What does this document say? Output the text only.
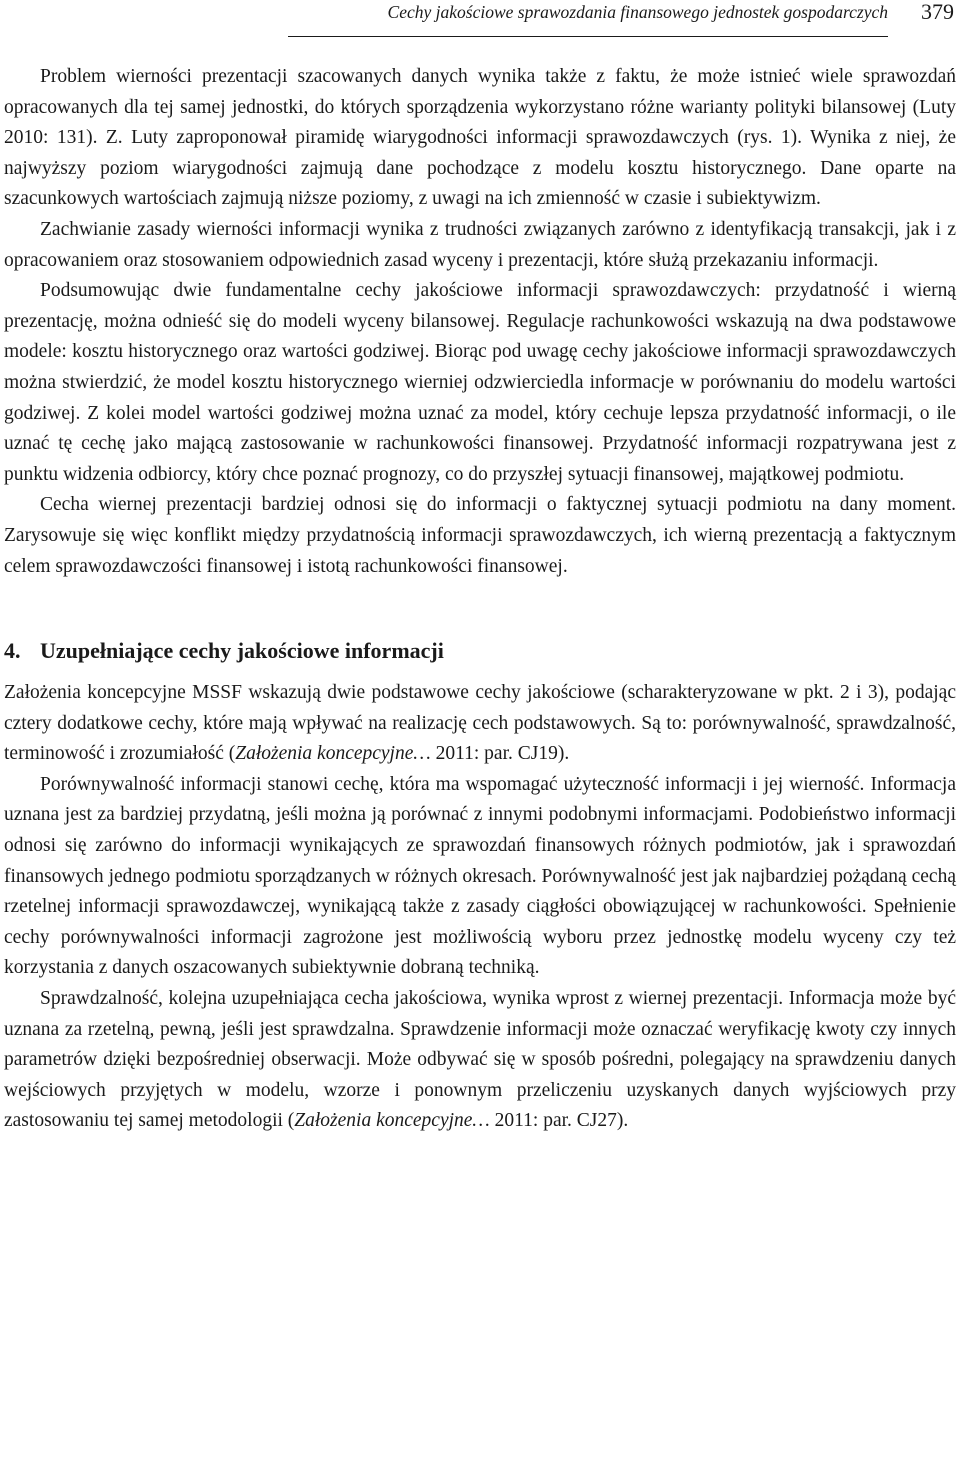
Cechy jakościowe sprawozdania finansowego jednostek gospodarczych 379

Problem wierności prezentacji szacowanych danych wynika także z faktu, że może istnieć wiele sprawozdań opracowanych dla tej samej jednostki, do których sporządzenia wykorzystano różne warianty polityki bilansowej (Luty 2010: 131). Z. Luty zaproponował piramidę wiarygodności informacji sprawozdawczych (rys. 1). Wynika z niej, że najwyższy poziom wiarygodności zajmują dane pochodzące z modelu kosztu historycznego. Dane oparte na szacunkowych wartościach zajmują niższe poziomy, z uwagi na ich zmienność w czasie i subiektywizm.

Zachwianie zasady wierności informacji wynika z trudności związanych zarówno z identyfikacją transakcji, jak i z opracowaniem oraz stosowaniem odpowiednich zasad wyceny i prezentacji, które służą przekazaniu informacji.

Podsumowując dwie fundamentalne cechy jakościowe informacji sprawozdawczych: przydatność i wierną prezentację, można odnieść się do modeli wyceny bilansowej. Regulacje rachunkowości wskazują na dwa podstawowe modele: kosztu historycznego oraz wartości godziwej. Biorąc pod uwagę cechy jakościowe informacji sprawozdawczych można stwierdzić, że model kosztu historycznego wierniej odzwierciedla informacje w porównaniu do modelu wartości godziwej. Z kolei model wartości godziwej można uznać za model, który cechuje lepsza przydatność informacji, o ile uznać tę cechę jako mającą zastosowanie w rachunkowości finansowej. Przydatność informacji rozpatrywana jest z punktu widzenia odbiorcy, który chce poznać prognozy, co do przyszłej sytuacji finansowej, majątkowej podmiotu.

Cecha wiernej prezentacji bardziej odnosi się do informacji o faktycznej sytuacji podmiotu na dany moment. Zarysowuje się więc konflikt między przydatnością informacji sprawozdawczych, ich wierną prezentacją a faktycznym celem sprawozdawczości finansowej i istotą rachunkowości finansowej.

4. Uzupełniające cechy jakościowe informacji

Założenia koncepcyjne MSSF wskazują dwie podstawowe cechy jakościowe (scharakteryzowane w pkt. 2 i 3), podając cztery dodatkowe cechy, które mają wpływać na realizację cech podstawowych. Są to: porównywalność, sprawdzalność, terminowość i zrozumiałość (Założenia koncepcyjne… 2011: par. CJ19).

Porównywalność informacji stanowi cechę, która ma wspomagać użyteczność informacji i jej wierność. Informacja uznana jest za bardziej przydatną, jeśli można ją porównać z innymi podobnymi informacjami. Podobieństwo informacji odnosi się zarówno do informacji wynikających ze sprawozdań finansowych różnych podmiotów, jak i sprawozdań finansowych jednego podmiotu sporządzanych w różnych okresach. Porównywalność jest jak najbardziej pożądaną cechą rzetelnej informacji sprawozdawczej, wynikającą także z zasady ciągłości obowiązującej w rachunkowości. Spełnienie cechy porównywalności informacji zagrożone jest możliwością wyboru przez jednostkę modelu wyceny czy też korzystania z danych oszacowanych subiektywnie dobraną techniką.

Sprawdzalność, kolejna uzupełniająca cecha jakościowa, wynika wprost z wiernej prezentacji. Informacja może być uznana za rzetelną, pewną, jeśli jest sprawdzalna. Sprawdzenie informacji może oznaczać weryfikację kwoty czy innych parametrów dzięki bezpośredniej obserwacji. Może odbywać się w sposób pośredni, polegający na sprawdzeniu danych wejściowych przyjętych w modelu, wzorze i ponownym przeliczeniu uzyskanych danych wyjściowych przy zastosowaniu tej samej metodologii (Założenia koncepcyjne… 2011: par. CJ27).
